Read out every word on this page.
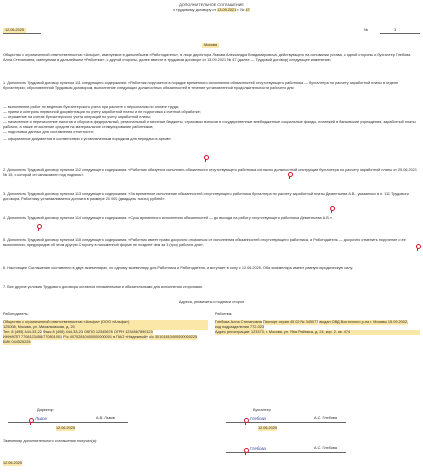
ДОПОЛНИТЕЛЬНОЕ СОГЛАШЕНИЕ
к трудовому договору от 13.09.2021 г. № 47
12.06.2025	№	3
Москва
Общество с ограниченной ответственностью «Альфа», именуемое в дальнейшем «Работодатель», в лице директора Львова Александра Владимировича, действующего на основании устава, с одной стороны и бухгалтер Глебова Алла Степановна, именуемая в дальнейшем «Работник», с другой стороны, далее вместе в трудовом договоре от 13.09.2021 № 47 (далее — Трудовой договор) следующее изменение:
1. Дополнить Трудовой договор пунктом 111 следующего содержания: «Работник поручается в порядке временного исполнения обязанностей отсутствующего работника — бухгалтера по расчету заработной платы в отделе бухгалтерии, обусловленной Трудовым договором, выполнение следующих должностных обязанностей в течение установленной продолжительности рабочего дня:
— выполнение работ по ведению бухгалтерского учета при расчете с персоналом по оплате труда;
— прием и контроль первичной документации по учету заработной платы и ее подготовка к счетной обработке;
— отражение на счетах бухгалтерского учета операций по учету заработной платы;
— начисление и перечисление налогов и сборов в федеральный, региональный и местные бюджеты, страховых взносов в государственные внебюджетные социальные фонды, платежей в банковские учреждения, заработной платы рабочих, а также отчисление средств на материальное стимулирование работников;
— подготовка данных для составления отчетности;
— оформление документов в соответствии с установленным порядком для передачи в архив».
2. Дополнить Трудовой договор пунктом 112 следующего содержания: «Работник обязуется исполнять обязанности отсутствующего работника согласно должностной инструкции бухгалтера по расчету заработной платы от 25.06.2021 № 15, с которой он ознакомлен под подпись».
3. Дополнить Трудовой договор пунктом 113 следующего содержания: «За временное исполнение обязанностей отсутствующего работника бухгалтера по расчету заработной платы Дементьева А.В., указанных в п. 111 Трудового договора, Работнику устанавливается доплата в размере 20 000 (двадцать тысяч) рублей».
4. Дополнить Трудовой договор пунктом 114 следующего содержания: «Срок временного исполнения обязанностей — до выхода на работу отсутствующего работника Дементьева А.В.».
5. Дополнить Трудовой договор пунктом 115 следующего содержания: «Работник имеет право досрочно отказаться от исполнения обязанностей отсутствующего работника, а Работодатель — досрочно отменить поручение о ее выполнении, предупредив об этом другую Сторону в письменной форме не позднее чем за 3 (три) рабочих дня».
6. Настоящее Соглашение составлено в двух экземплярах, по одному экземпляру для Работника и Работодателя, и вступает в силу с 12.06.2025. Оба экземпляра имеют равную юридическую силу.
7. Все другие условия Трудового договора остаются неизменными и обязательными для исполнения сторонами.
Адреса, реквизиты и подписи сторон
Работодатель:
Общество с ограниченной ответственностью «Альфа» (ООО «Альфа»)
125008, Москва, ул. Михалковская, д. 20
Тел. 8 (495) 444-33-22 Факс 8 (495) 444-33-23 ОКПО 12345678 ОГРН 1234567890123 ИНН/КПП 7708123456/770801001 Р/с 40702810400000000001 в ПАО «Надежный» к/с 30101810400000000225 БИК 044525225
Работник:
Глебова Алла Степановна Паспорт серия 45 02 № 345077 выдан ОВД Восточного р-на г. Москвы 15.09.2002, код подразделения 772-023
Адрес регистрации: 123373, г. Москва, ул. Яна Райниса, д. 24, кор. 2, кв. 474
Директор	Бухгалтер
Львов	А.В. Львов
12.06.2025
Глебова	А.С. Глебова
12.06.2025
Экземпляр дополнительного соглашения получил(а):
Глебова	А.С. Глебова
12.06.2025
